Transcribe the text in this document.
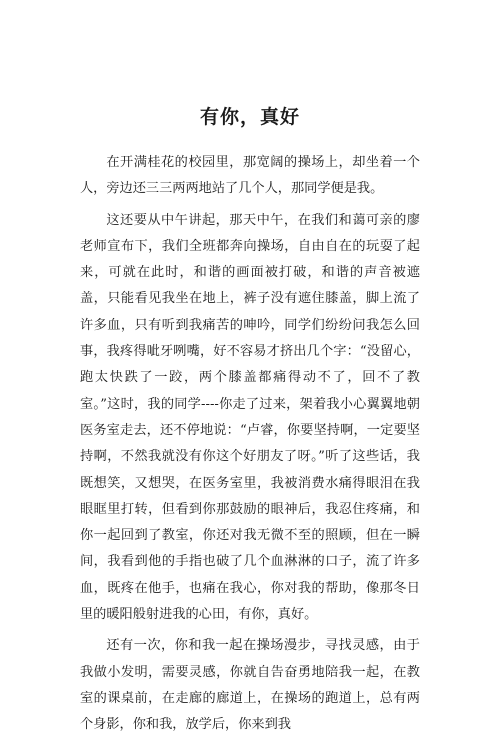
有你，真好

在开满桂花的校园里，那宽阔的操场上，却坐着一个人，旁边还三三两两地站了几个人，那同学便是我。

这还要从中午讲起，那天中午，在我们和蔼可亲的廖老师宣布下，我们全班都奔向操场，自由自在的玩耍了起来，可就在此时，和谐的画面被打破，和谐的声音被遮盖，只能看见我坐在地上，裤子没有遮住膝盖，脚上流了许多血，只有听到我痛苦的呻吟，同学们纷纷问我怎么回事，我疼得呲牙咧嘴，好不容易才挤出几个字：“没留心，跑太快跌了一跤，两个膝盖都痛得动不了，回不了教室。”这时，我的同学----你走了过来，架着我小心翼翼地朝医务室走去，还不停地说：“卢睿，你要坚持啊，一定要坚持啊，不然我就没有你这个好朋友了呀。”听了这些话，我既想笑，又想哭，在医务室里，我被消费水痛得眼泪在我眼眶里打转，但看到你那鼓励的眼神后，我忍住疼痛，和你一起回到了教室，你还对我无微不至的照顾，但在一瞬间，我看到他的手指也破了几个血淋淋的口子，流了许多血，既疼在他手，也痛在我心，你对我的帮助，像那冬日里的暖阳般射进我的心田，有你，真好。

还有一次，你和我一起在操场漫步，寻找灵感，由于我做小发明，需要灵感，你就自告奋勇地陪我一起，在教室的课桌前，在走廊的廊道上，在操场的跑道上，总有两个身影，你和我，放学后，你来到我
